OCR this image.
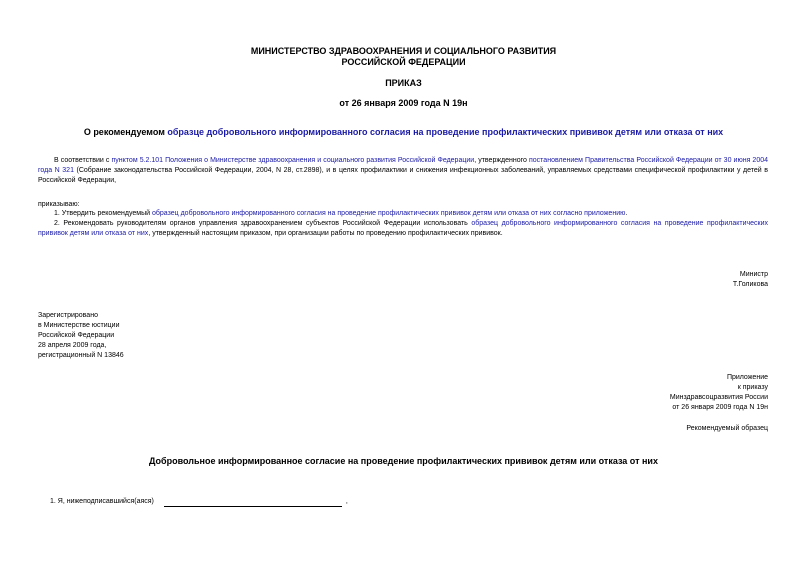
МИНИСТЕРСТВО ЗДРАВООХРАНЕНИЯ И СОЦИАЛЬНОГО РАЗВИТИЯ
РОССИЙСКОЙ ФЕДЕРАЦИИ
ПРИКАЗ
от 26 января 2009 года N 19н
О рекомендуемом образце добровольного информированного согласия на проведение профилактических прививок детям или отказа от них
В соответствии с пунктом 5.2.101 Положения о Министерстве здравоохранения и социального развития Российской Федерации, утвержденного постановлением Правительства Российской Федерации от 30 июня 2004 года N 321 (Собрание законодательства Российской Федерации, 2004, N 28, ст.2898), и в целях профилактики и снижения инфекционных заболеваний, управляемых средствами специфической профилактики у детей в Российской Федерации,
приказываю:
1. Утвердить рекомендуемый образец добровольного информированного согласия на проведение профилактических прививок детям или отказа от них согласно приложению.
2. Рекомендовать руководителям органов управления здравоохранением субъектов Российской Федерации использовать образец добровольного информированного согласия на проведение профилактических прививок детям или отказа от них, утвержденный настоящим приказом, при организации работы по проведению профилактических прививок.
Министр
Т.Голикова
Зарегистрировано
в Министерстве юстиции
Российской Федерации
28 апреля 2009 года,
регистрационный N 13846
Приложение
к приказу
Минздравсоцразвития России
от 26 января 2009 года N 19н
Рекомендуемый образец
Добровольное информированное согласие на проведение профилактических прививок детям или отказа от них
1. Я, нижеподписавшийся(аяся)	,
